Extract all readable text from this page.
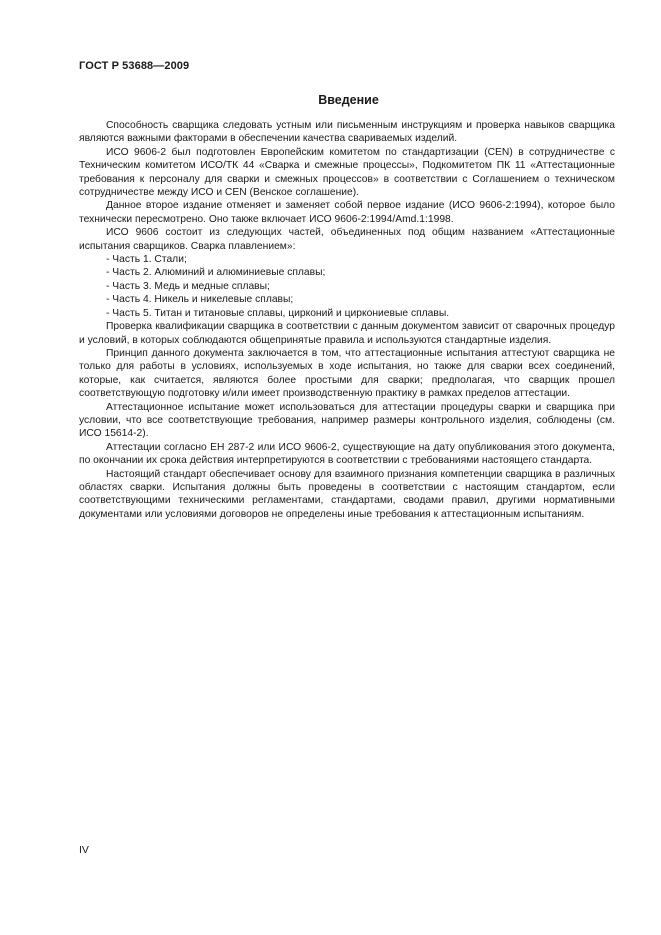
ГОСТ Р 53688—2009
Введение

Способность сварщика следовать устным или письменным инструкциям и проверка навыков сварщика являются важными факторами в обеспечении качества свариваемых изделий.

ИСО 9606-2 был подготовлен Европейским комитетом по стандартизации (CEN) в сотрудничестве с Техническим комитетом ИСО/ТК 44 «Сварка и смежные процессы», Подкомитетом ПК 11 «Аттестационные требования к персоналу для сварки и смежных процессов» в соответствии с Соглашением о техническом сотрудничестве между ИСО и CEN (Венское соглашение).

Данное второе издание отменяет и заменяет собой первое издание (ИСО 9606-2:1994), которое было технически пересмотрено. Оно также включает ИСО 9606-2:1994/Amd.1:1998.

ИСО 9606 состоит из следующих частей, объединенных под общим названием «Аттестационные испытания сварщиков. Сварка плавлением»:

- Часть 1. Стали;
- Часть 2. Алюминий и алюминиевые сплавы;
- Часть 3. Медь и медные сплавы;
- Часть 4. Никель и никелевые сплавы;
- Часть 5. Титан и титановые сплавы, цирконий и циркониевые сплавы.

Проверка квалификации сварщика в соответствии с данным документом зависит от сварочных процедур и условий, в которых соблюдаются общепринятые правила и используются стандартные изделия.

Принцип данного документа заключается в том, что аттестационные испытания аттестуют сварщика не только для работы в условиях, используемых в ходе испытания, но также для сварки всех соединений, которые, как считается, являются более простыми для сварки; предполагая, что сварщик прошел соответствующую подготовку и/или имеет производственную практику в рамках пределов аттестации.

Аттестационное испытание может использоваться для аттестации процедуры сварки и сварщика при условии, что все соответствующие требования, например размеры контрольного изделия, соблюдены (см. ИСО 15614-2).

Аттестации согласно ЕН 287-2 или ИСО 9606-2, существующие на дату опубликования этого документа, по окончании их срока действия интерпретируются в соответствии с требованиями настоящего стандарта.

Настоящий стандарт обеспечивает основу для взаимного признания компетенции сварщика в различных областях сварки. Испытания должны быть проведены в соответствии с настоящим стандартом, если соответствующими техническими регламентами, стандартами, сводами правил, другими нормативными документами или условиями договоров не определены иные требования к аттестационным испытаниям.

IV
